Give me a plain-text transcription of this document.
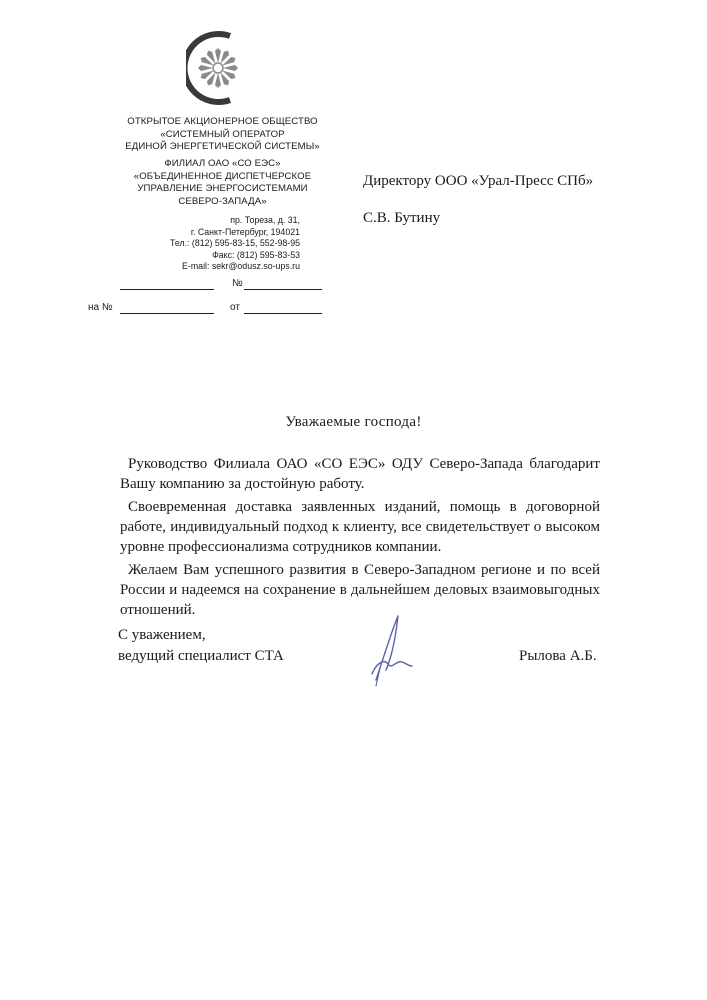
ОТКРЫТОЕ АКЦИОНЕРНОЕ ОБЩЕСТВО
«СИСТЕМНЫЙ ОПЕРАТОР
ЕДИНОЙ ЭНЕРГЕТИЧЕСКОЙ СИСТЕМЫ»
ФИЛИАЛ ОАО «СО ЕЭС»
«ОБЪЕДИНЕННОЕ ДИСПЕТЧЕРСКОЕ
УПРАВЛЕНИЕ ЭНЕРГОСИСТЕМАМИ
СЕВЕРО-ЗАПАДА»
пр. Тореза, д. 31,
г. Санкт-Петербург, 194021
Тел.: (812) 595-83-15, 552-98-95
Факс: (812) 595-83-53
E-mail: sekr@odusz.so-ups.ru
№
на №	от
Директору ООО «Урал-Пресс СПб»
С.В. Бутину
Уважаемые господа!

Руководство Филиала ОАО «СО ЕЭС» ОДУ Северо-Запада благодарит Вашу компанию за достойную работу.

Своевременная доставка заявленных изданий, помощь в договорной работе, индивидуальный подход к клиенту, все свидетельствует о высоком уровне профессионализма сотрудников компании.

Желаем Вам успешного развития в Северо-Западном регионе и по всей России и надеемся на сохранение в дальнейшем деловых взаимовыгодных отношений.

С уважением,
ведущий специалист СТА	Рылова А.Б.
